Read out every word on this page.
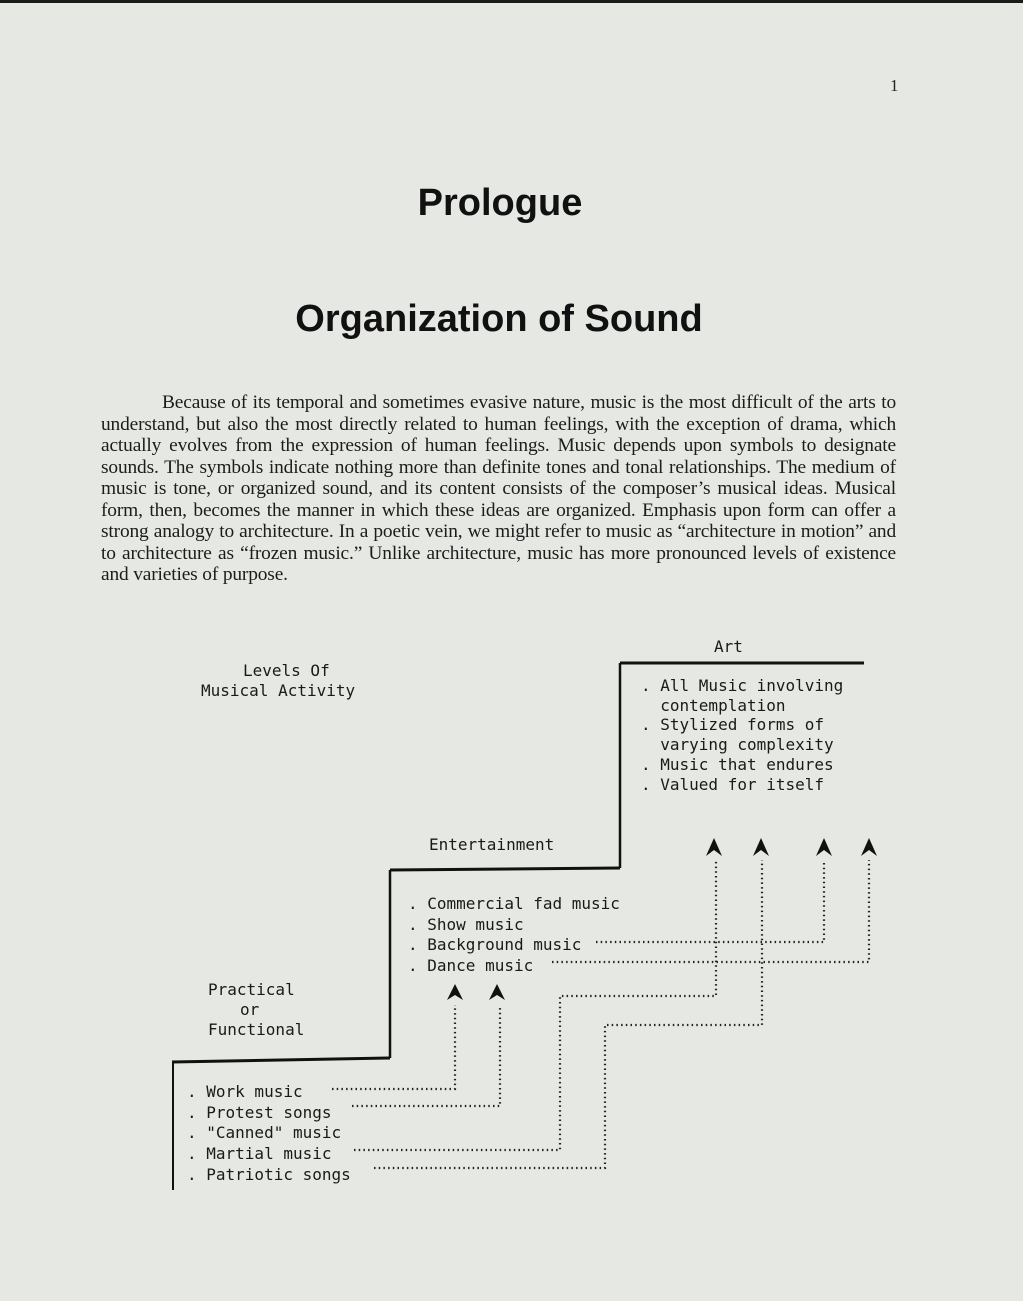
1
Prologue
Organization of Sound
Because of its temporal and sometimes evasive nature, music is the most difficult of the arts to understand, but also the most directly related to human feelings, with the exception of drama, which actually evolves from the expression of human feelings. Music depends upon symbols to designate sounds. The symbols indicate nothing more than definite tones and tonal relationships. The medium of music is tone, or organized sound, and its content consists of the composer’s musical ideas. Musical form, then, becomes the manner in which these ideas are organized. Emphasis upon form can offer a strong analogy to architecture. In a poetic vein, we might refer to music as “architecture in motion” and to architecture as “frozen music.” Unlike architecture, music has more pronounced levels of existence and varieties of purpose.
Levels Of
Musical Activity
Art
. All Music involving
contemplation
. Stylized forms of
varying complexity
. Music that endures
. Valued for itself
Entertainment
. Commercial fad music
. Show music
. Background music
. Dance music
Practical
or
Functional
. Work music
. Protest songs
. "Canned" music
. Martial music
. Patriotic songs
